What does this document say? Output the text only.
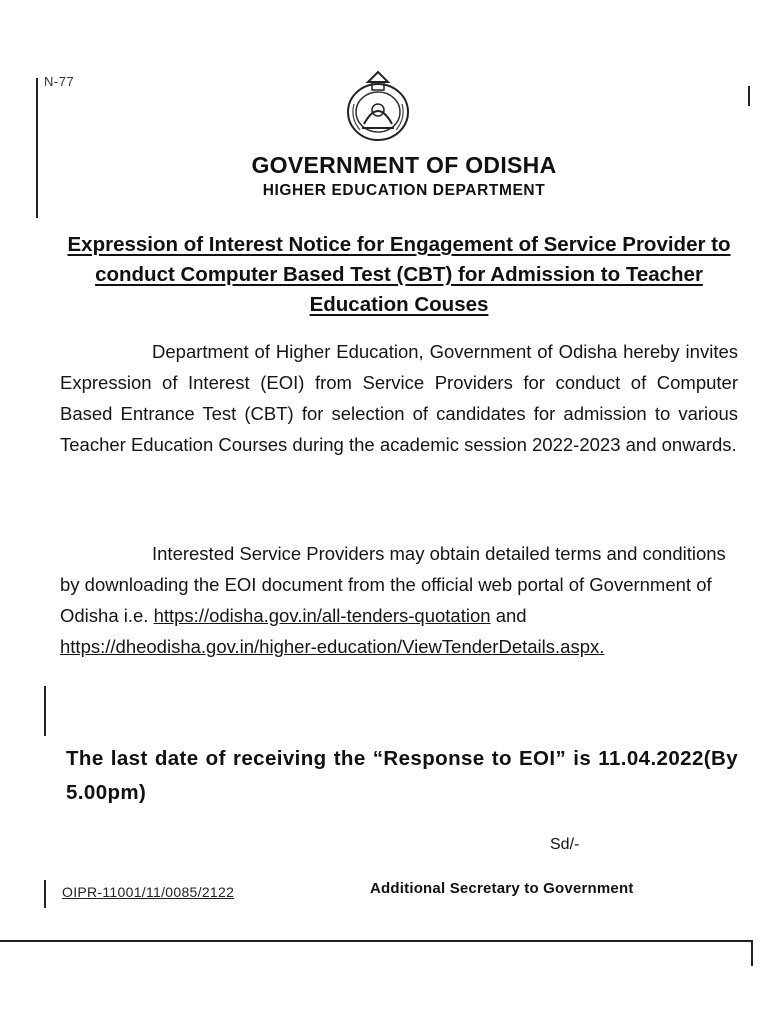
N-77
GOVERNMENT OF ODISHA
HIGHER EDUCATION DEPARTMENT
Expression of Interest Notice for Engagement of Service Provider to conduct Computer Based Test (CBT) for Admission to Teacher Education Couses
Department of Higher Education, Government of Odisha hereby invites Expression of Interest (EOI) from Service Providers for conduct of Computer Based Entrance Test (CBT) for selection of candidates for admission to various Teacher Education Courses during the academic session 2022-2023 and onwards.
Interested Service Providers may obtain detailed terms and conditions by downloading the EOI document from the official web portal of Government of Odisha i.e. https://odisha.gov.in/all-tenders-quotation and https://dheodisha.gov.in/higher-education/ViewTenderDetails.aspx.
The last date of receiving the “Response to EOI” is 11.04.2022(By 5.00pm)
Sd/-
OIPR-11001/11/0085/2122	Additional Secretary to Government
